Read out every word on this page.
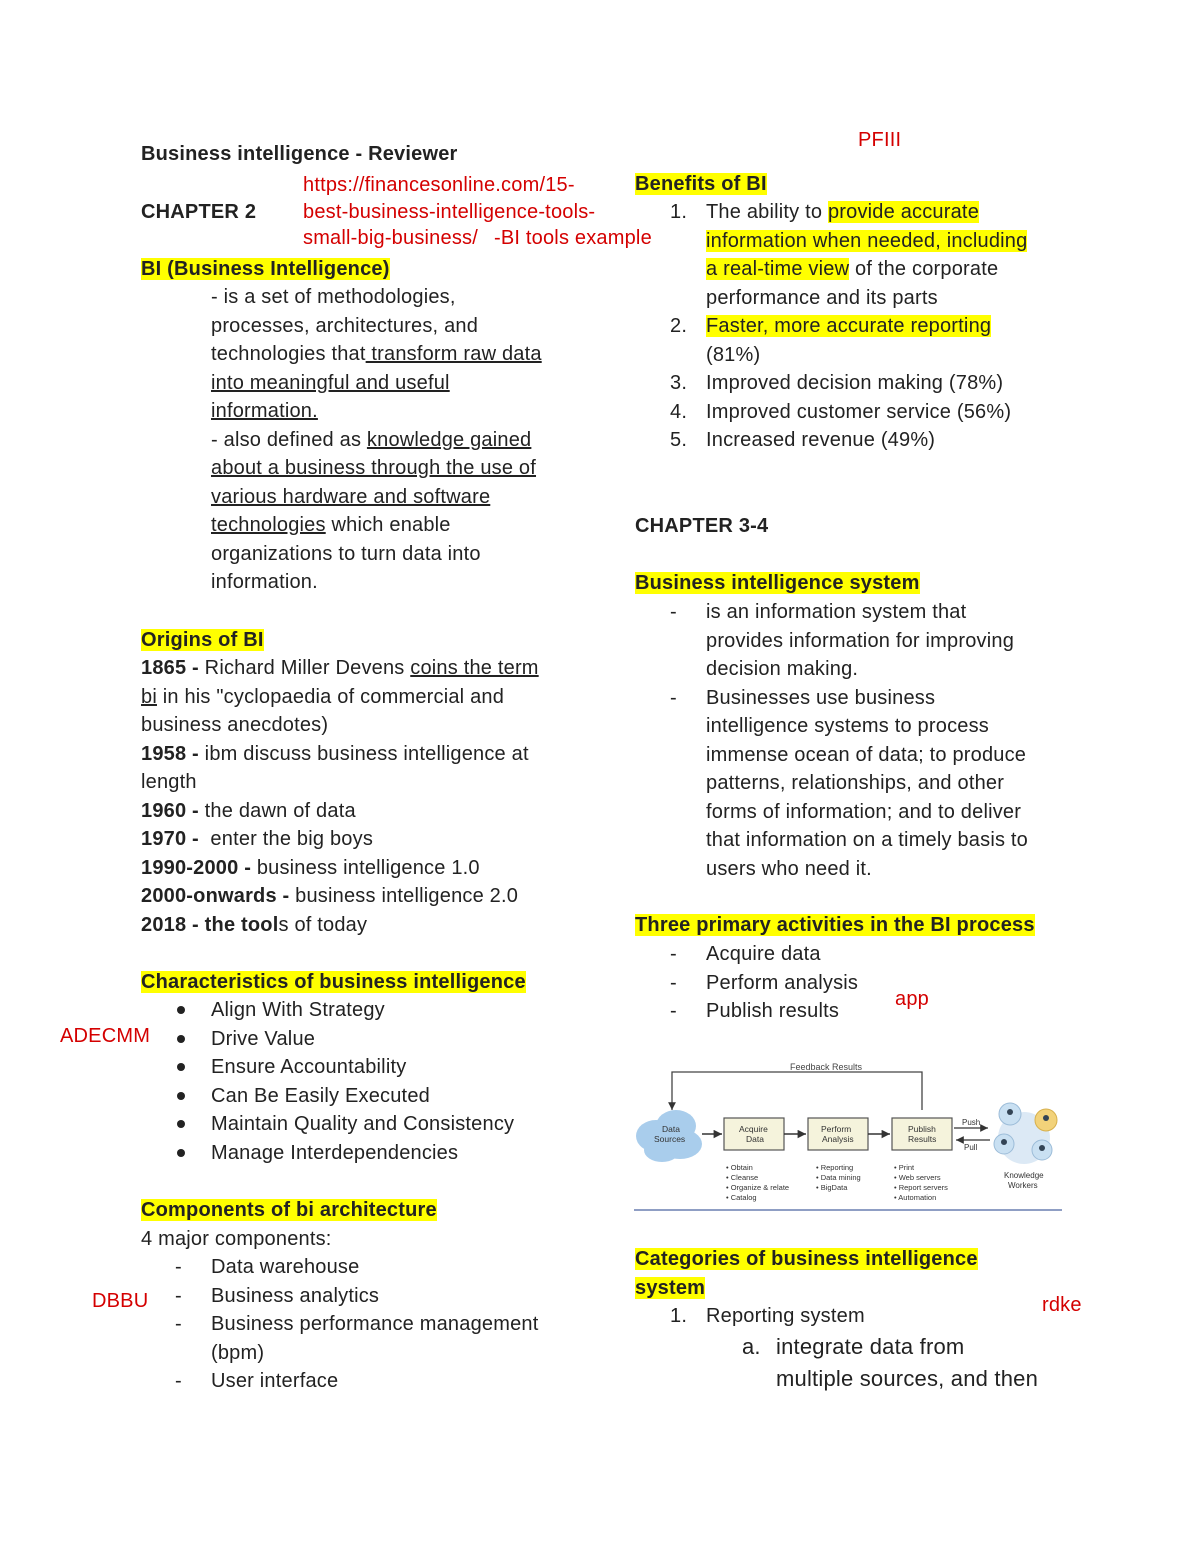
Business intelligence - Reviewer
CHAPTER 2
https://financesonline.com/15-
best-business-intelligence-tools-
small-big-business/ -BI tools example
BI (Business Intelligence)
- is a set of methodologies,
processes, architectures, and
technologies that transform raw data
into meaningful and useful
information.
- also defined as knowledge gained
about a business through the use of
various hardware and software
technologies which enable
organizations to turn data into
information.
Origins of BI
1865 - Richard Miller Devens coins the term
bi in his "cyclopaedia of commercial and
business anecdotes)
1958 - ibm discuss business intelligence at
length
1960 - the dawn of data
1970 -  enter the big boys
1990-2000 - business intelligence 1.0
2000-onwards - business intelligence 2.0
2018 - the tools of today
Characteristics of business intelligence
Align With Strategy
Drive Value
Ensure Accountability
Can Be Easily Executed
Maintain Quality and Consistency
Manage Interdependencies
Components of bi architecture
4 major components:
- Data warehouse
- Business analytics
- Business performance management
(bpm)
- User interface
PFIII
ADECMM
DBBU
app
rdke
Benefits of BI
1. The ability to provide accurate
information when needed, including
a real-time view of the corporate
performance and its parts
2. Faster, more accurate reporting
(81%)
3. Improved decision making (78%)
4. Improved customer service (56%)
5. Increased revenue (49%)
CHAPTER 3-4
Business intelligence system
- is an information system that
provides information for improving
decision making.
- Businesses use business
intelligence systems to process
immense ocean of data; to produce
patterns, relationships, and other
forms of information; and to deliver
that information on a timely basis to
users who need it.
Three primary activities in the BI process
- Acquire data
- Perform analysis
- Publish results
Feedback Results
Data
Sources
Acquire
Data
Perform
Analysis
Publish
Results
Push
Pull
Knowledge
Workers
• Obtain
• Cleanse
• Organize & relate
• Catalog
• Reporting
• Data mining
• BigData
• Print
• Web servers
• Report servers
• Automation
Categories of business intelligence
system
1. Reporting system
a. integrate data from
multiple sources, and then
